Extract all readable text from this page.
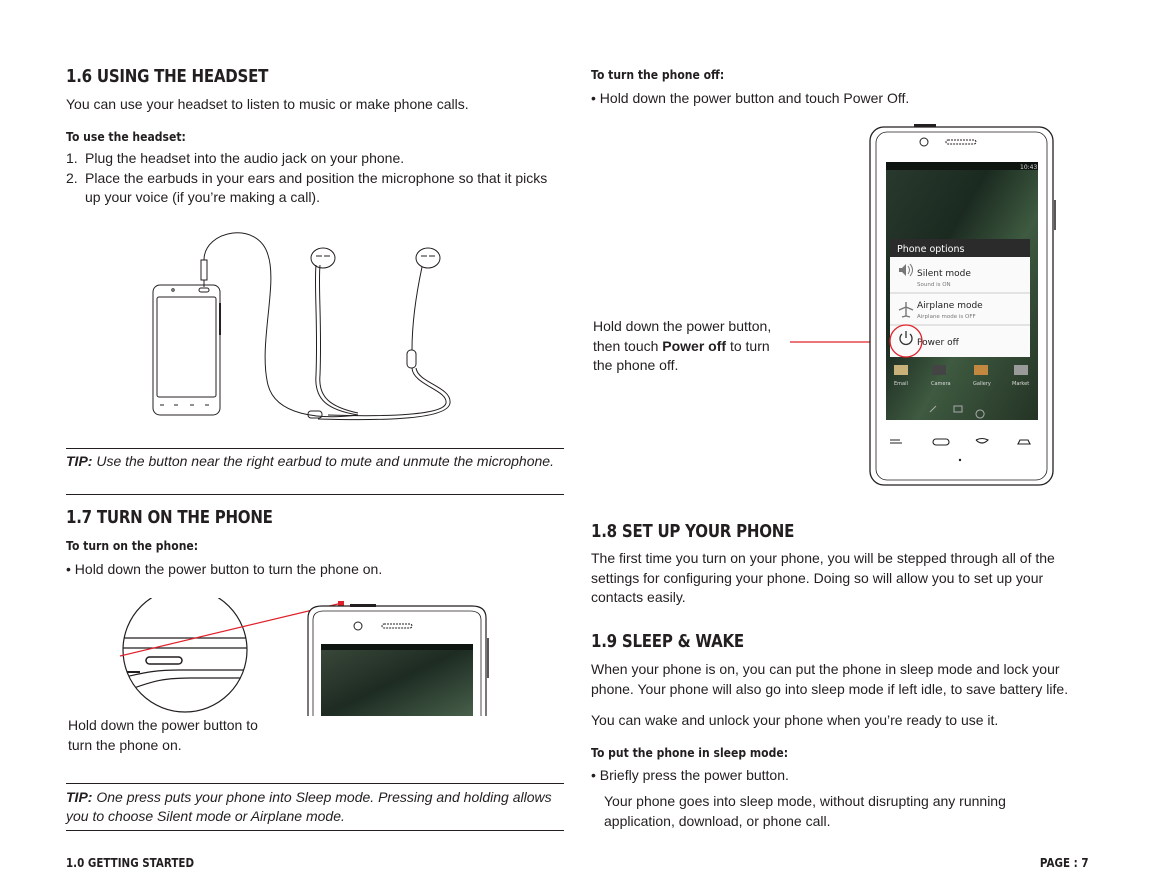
1.6 USING THE HEADSET
You can use your headset to listen to music or make phone calls.
To use the headset:
1. Plug the headset into the audio jack on your phone.
2. Place the earbuds in your ears and position the microphone so that it picks up your voice (if you’re making a call).
TIP: Use the button near the right earbud to mute and unmute the microphone.
1.7 TURN ON THE PHONE
To turn on the phone:
• Hold down the power button to turn the phone on.
Hold down the power button to turn the phone on.
TIP: One press puts your phone into Sleep mode. Pressing and holding allows you to choose Silent mode or Airplane mode.
To turn the phone off:
• Hold down the power button and touch Power Off.
Hold down the power button, then touch Power off to turn the phone off.
10:43
Phone options
Silent mode
Sound is ON
Airplane mode
Airplane mode is OFF
Power off
Email	Camera	Gallery	Market
1.8 SET UP YOUR PHONE
The first time you turn on your phone, you will be stepped through all of the settings for configuring your phone. Doing so will allow you to set up your contacts easily.
1.9 SLEEP & WAKE
When your phone is on, you can put the phone in sleep mode and lock your phone. Your phone will also go into sleep mode if left idle, to save battery life.
You can wake and unlock your phone when you’re ready to use it.
To put the phone in sleep mode:
• Briefly press the power button.
Your phone goes into sleep mode, without disrupting any running application, download, or phone call.
1.0 GETTING STARTED	PAGE : 7
